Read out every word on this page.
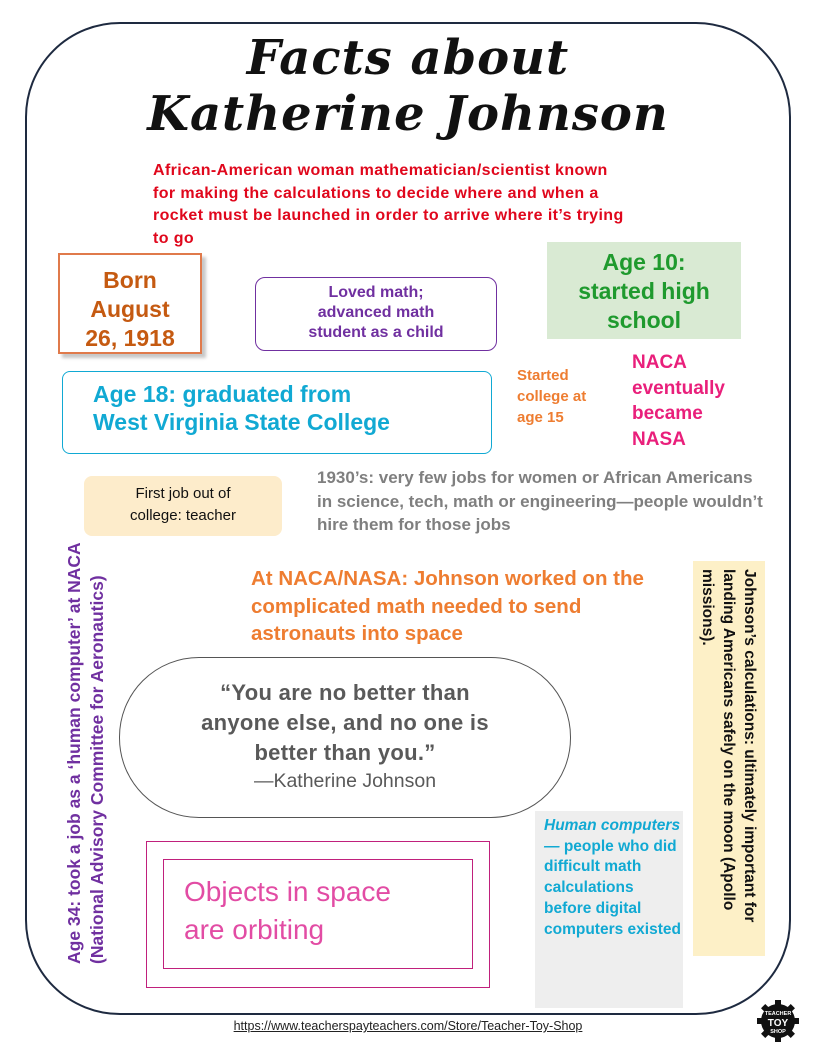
Facts about
Katherine Johnson
African-American woman mathematician/scientist known for making the calculations to decide where and when a rocket must be launched in order to arrive where it’s trying to go
Born
August
26, 1918
Loved math;
advanced math
student as a child
Age 10:
started high
school
Age 18: graduated from
West Virginia State College
Started
college at
age 15
NACA
eventually
became
NASA
First job out of
college: teacher
1930’s: very few jobs for women or African Americans in science, tech, math or engineering—people wouldn’t hire them for those jobs
At NACA/NASA: Johnson worked on the complicated math needed to send astronauts into space
“You are no better than
anyone else, and no one is
better than you.”
—Katherine Johnson
Objects in space
are orbiting
Human computers— people who did difficult math calculations before digital computers existed
Age 34: took a job as a ‘human computer’ at NACA (National Advisory Committee for Aeronautics)	Johnson’s calculations: ultimately important for landing Americans safely on the moon (Apollo missions).
https://www.teacherspayteachers.com/Store/Teacher-Toy-Shop
TEACHER
TOY
SHOP
